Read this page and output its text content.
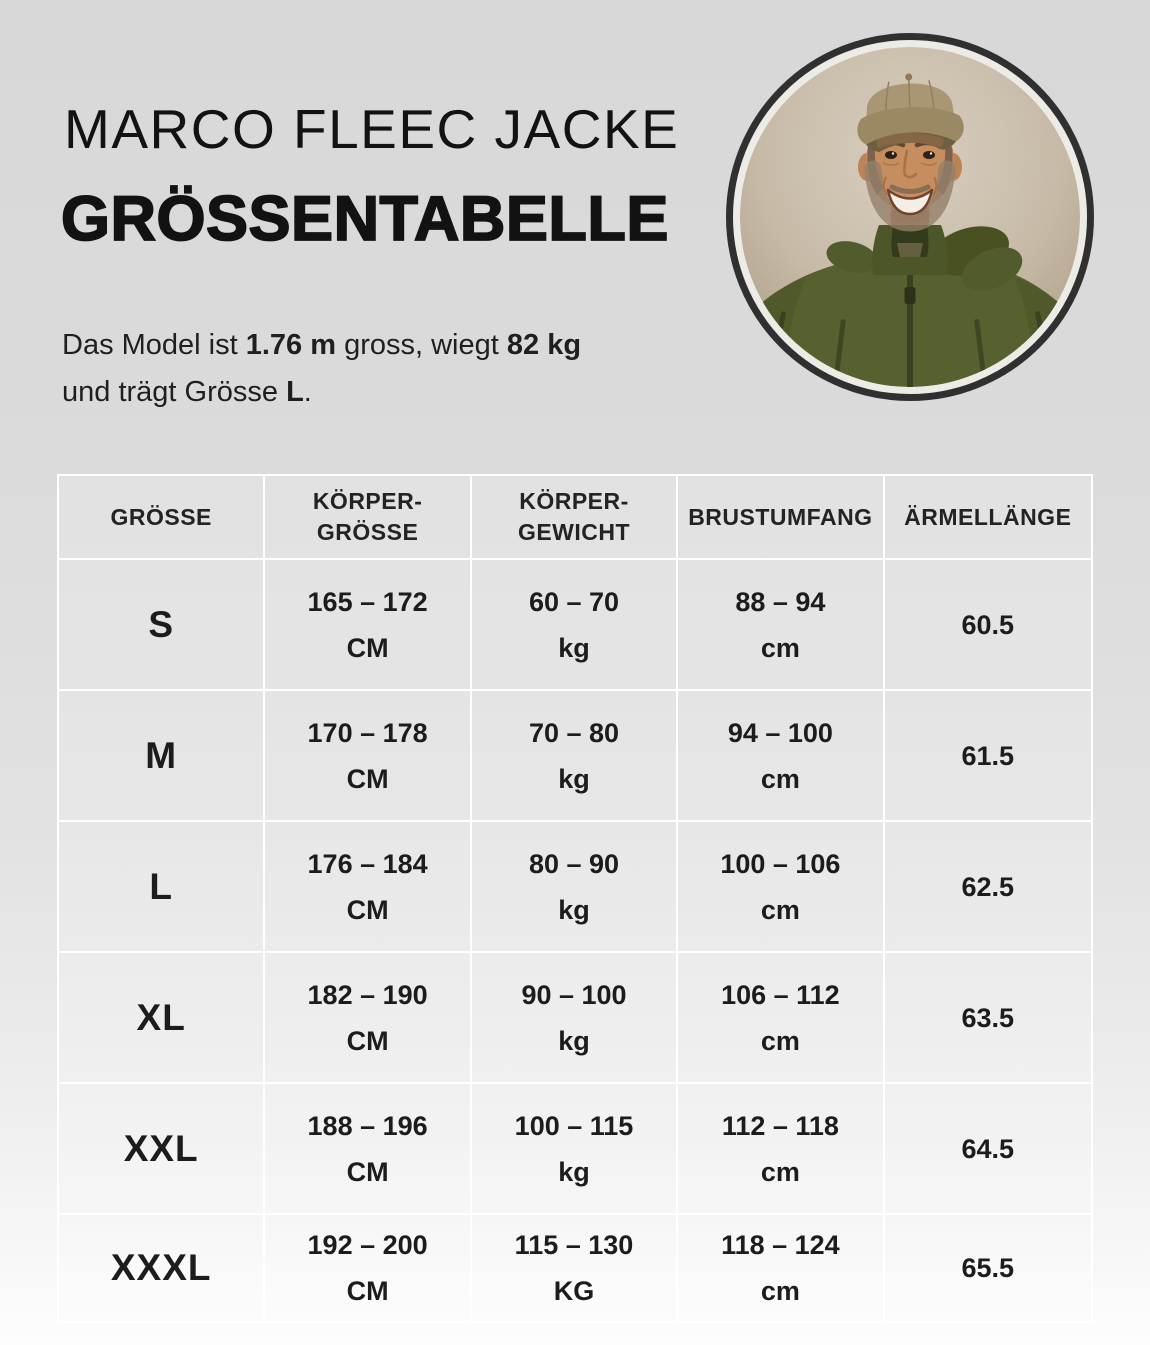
MARCO FLEEC JACKE
GRÖSSENTABELLE
Das Model ist 1.76 m gross, wiegt 82 kg
und trägt Grösse L.
GRÖSSE
KÖRPER-
GRÖSSE
KÖRPER-
GEWICHT
BRUSTUMFANG ÄRMELLÄNGE
S
165 – 172
CM
60 – 70
kg
88 – 94
cm
60.5
M
170 – 178
CM
70 – 80
kg
94 – 100
cm
61.5
L
176 – 184
CM
80 – 90
kg
100 – 106
cm
62.5
XL
182 – 190
CM
90 – 100
kg
106 – 112
cm
63.5
XXL
188 – 196
CM
100 – 115
kg
112 – 118
cm
64.5
XXXL
192 – 200
CM
115 – 130
KG
118 – 124
cm
65.5
